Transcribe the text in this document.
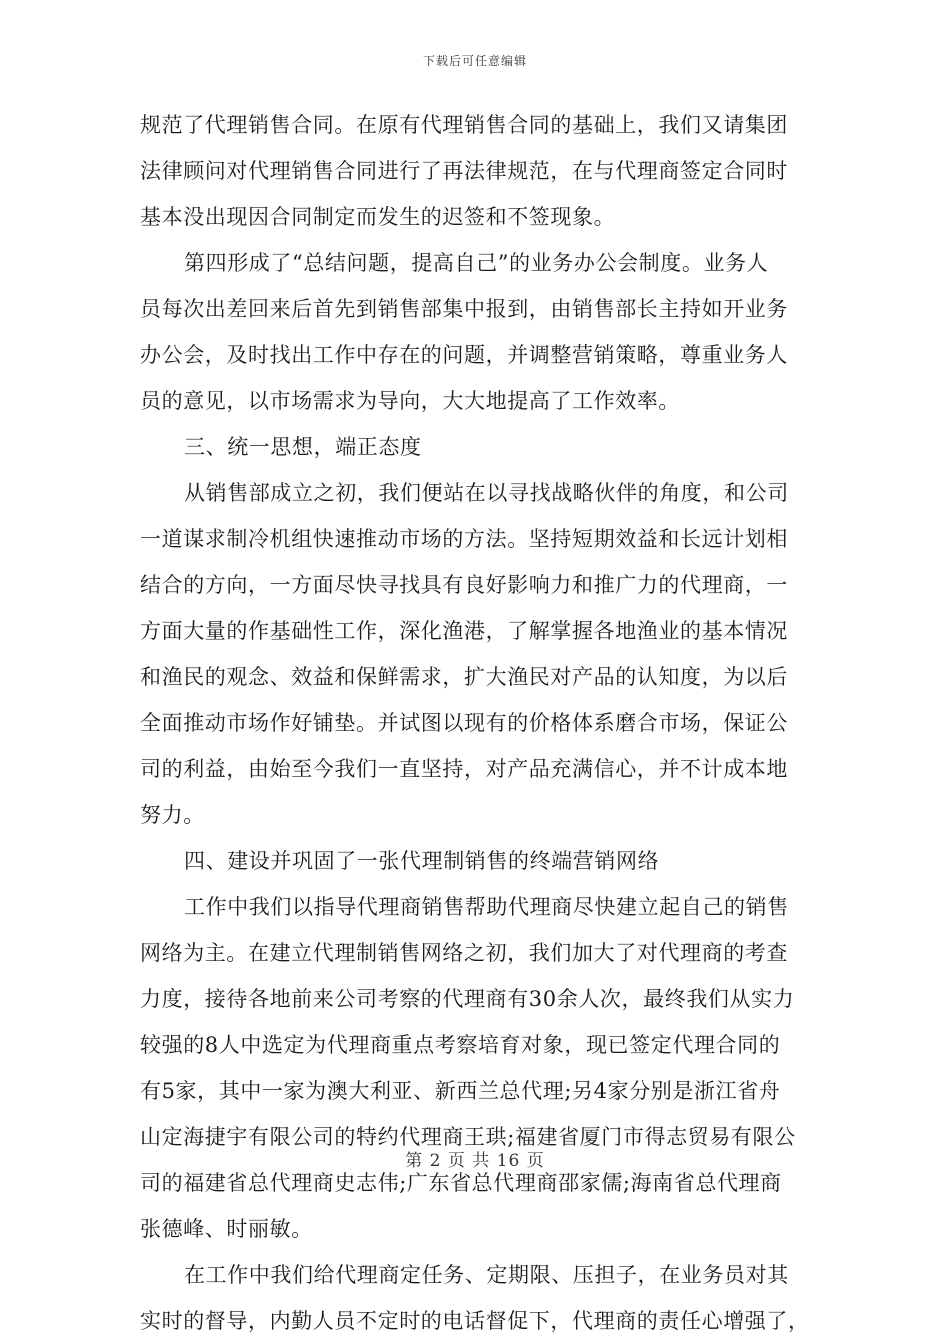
下载后可任意编辑
规范了代理销售合同。在原有代理销售合同的基础上，我们又请集团
法律顾问对代理销售合同进行了再法律规范，在与代理商签定合同时
基本没出现因合同制定而发生的迟签和不签现象。
第四形成了“总结问题，提高自己”的业务办公会制度。业务人
员每次出差回来后首先到销售部集中报到，由销售部长主持如开业务
办公会，及时找出工作中存在的问题，并调整营销策略，尊重业务人
员的意见，以市场需求为导向，大大地提高了工作效率。
三、统一思想，端正态度
从销售部成立之初，我们便站在以寻找战略伙伴的角度，和公司
一道谋求制冷机组快速推动市场的方法。坚持短期效益和长远计划相
结合的方向，一方面尽快寻找具有良好影响力和推广力的代理商，一
方面大量的作基础性工作，深化渔港，了解掌握各地渔业的基本情况
和渔民的观念、效益和保鲜需求，扩大渔民对产品的认知度，为以后
全面推动市场作好铺垫。并试图以现有的价格体系磨合市场，保证公
司的利益，由始至今我们一直坚持，对产品充满信心，并不计成本地
努力。
四、建设并巩固了一张代理制销售的终端营销网络
工作中我们以指导代理商销售帮助代理商尽快建立起自己的销售
网络为主。在建立代理制销售网络之初，我们加大了对代理商的考查
力度，接待各地前来公司考察的代理商有30余人次，最终我们从实力
较强的8人中选定为代理商重点考察培育对象，现已签定代理合同的
有5家，其中一家为澳大利亚、新西兰总代理;另4家分别是浙江省舟
山定海捷宇有限公司的特约代理商王珙;福建省厦门市得志贸易有限公
司的福建省总代理商史志伟;广东省总代理商邵家儒;海南省总代理商
张德峰、时丽敏。
在工作中我们给代理商定任务、定期限、压担子，在业务员对其
实时的督导，内勤人员不定时的电话督促下，代理商的责任心增强了，
第 2 页 共 16 页
